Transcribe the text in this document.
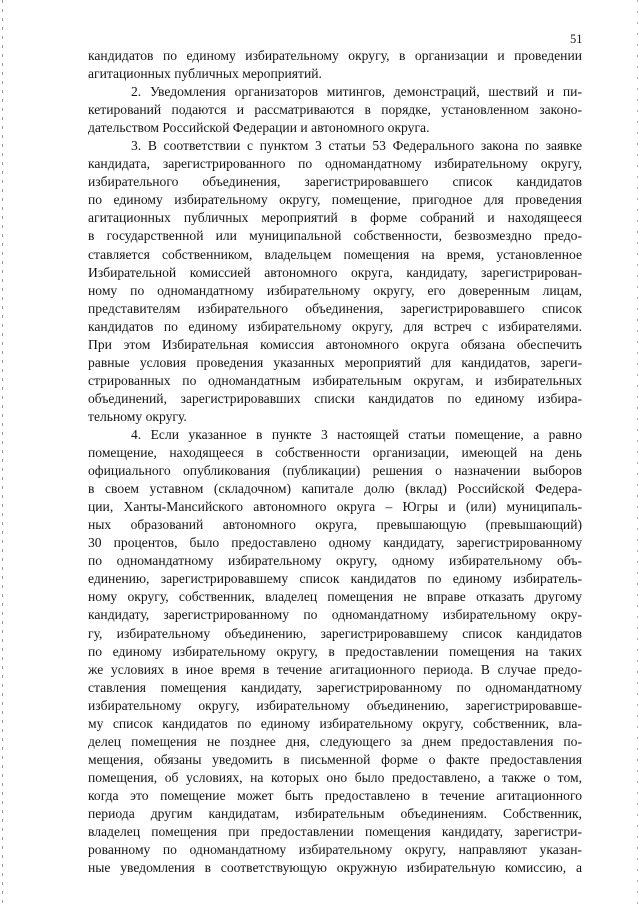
51
кандидатов по единому избирательному округу, в организации и проведении
агитационных публичных мероприятий.
2. Уведомления организаторов митингов, демонстраций, шествий и пи-
кетирований подаются и рассматриваются в порядке, установленном законо-
дательством Российской Федерации и автономного округа.
3. В соответствии с пунктом 3 статьи 53 Федерального закона по заявке
кандидата, зарегистрированного по одномандатному избирательному округу,
избирательного объединения, зарегистрировавшего список кандидатов
по единому избирательному округу, помещение, пригодное для проведения
агитационных публичных мероприятий в форме собраний и находящееся
в государственной или муниципальной собственности, безвозмездно предо-
ставляется собственником, владельцем помещения на время, установленное
Избирательной комиссией автономного округа, кандидату, зарегистрирован-
ному по одномандатному избирательному округу, его доверенным лицам,
представителям избирательного объединения, зарегистрировавшего список
кандидатов по единому избирательному округу, для встреч с избирателями.
При этом Избирательная комиссия автономного округа обязана обеспечить
равные условия проведения указанных мероприятий для кандидатов, зареги-
стрированных по одномандатным избирательным округам, и избирательных
объединений, зарегистрировавших списки кандидатов по единому избира-
тельному округу.
4. Если указанное в пункте 3 настоящей статьи помещение, а равно
помещение, находящееся в собственности организации, имеющей на день
официального опубликования (публикации) решения о назначении выборов
в своем уставном (складочном) капитале долю (вклад) Российской Федера-
ции, Ханты-Мансийского автономного округа – Югры и (или) муниципаль-
ных образований автономного округа, превышающую (превышающий)
30 процентов, было предоставлено одному кандидату, зарегистрированному
по одномандатному избирательному округу, одному избирательному объ-
единению, зарегистрировавшему список кандидатов по единому избиратель-
ному округу, собственник, владелец помещения не вправе отказать другому
кандидату, зарегистрированному по одномандатному избирательному окру-
гу, избирательному объединению, зарегистрировавшему список кандидатов
по единому избирательному округу, в предоставлении помещения на таких
же условиях в иное время в течение агитационного периода. В случае предо-
ставления помещения кандидату, зарегистрированному по одномандатному
избирательному округу, избирательному объединению, зарегистрировавше-
му список кандидатов по единому избирательному округу, собственник, вла-
делец помещения не позднее дня, следующего за днем предоставления по-
мещения, обязаны уведомить в письменной форме о факте предоставления
помещения, об условиях, на которых оно было предоставлено, а также о том,
когда это помещение может быть предоставлено в течение агитационного
периода другим кандидатам, избирательным объединениям. Собственник,
владелец помещения при предоставлении помещения кандидату, зарегистри-
рованному по одномандатному избирательному округу, направляют указан-
ные уведомления в соответствующую окружную избирательную комиссию, а
